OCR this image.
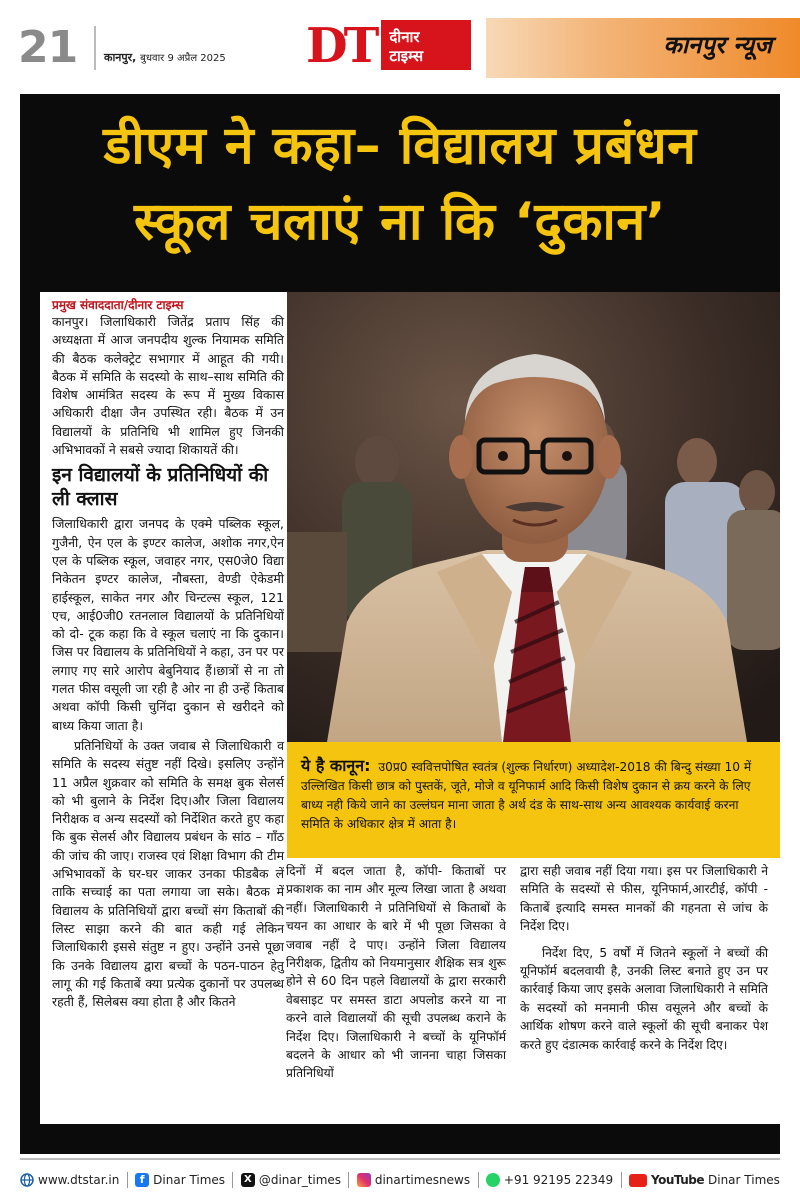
21 कानपुर, बुधवार 9 अप्रैल 2025 DT दीनार
टाइम्स	कानपुर न्यूज
डीएम ने कहा– विद्यालय प्रबंधन
स्कूल चलाएं ना कि ‘दुकान’
प्रमुख संवाददाता/दीनार टाइम्स

कानपुर। जिलाधिकारी जितेंद्र प्रताप सिंह की अध्यक्षता में आज जनपदीय शुल्क नियामक समिति की बैठक कलेक्ट्रेट सभागार में आहूत की गयी। बैठक में समिति के सदस्यो के साथ–साथ समिति की विशेष आमंत्रित सदस्य के रूप में मुख्य विकास अधिकारी दीक्षा जैन उपस्थित रही। बैठक में उन विद्यालयों के प्रतिनिधि भी शामिल हुए जिनकी अभिभावकों ने सबसे ज्यादा शिकायतें की।

इन विद्यालयों के प्रतिनिधियों की ली क्लास

जिलाधिकारी द्वारा जनपद के एक्मे पब्लिक स्कूल, गुजैनी, ऐन एल के इण्टर कालेज, अशोक नगर,ऐन एल के पब्लिक स्कूल, जवाहर नगर, एस0जे0 विद्या निकेतन इण्टर कालेज, नौबस्ता, वेण्डी ऐकेडमी हाईस्कूल, साकेत नगर और चिन्टल्स स्कूल, 121 एच, आई0जी0 रतनलाल विद्यालयों के प्रतिनिधियों को दो- टूक कहा कि वे स्कूल चलाएं ना कि दुकान। जिस पर विद्यालय के प्रतिनिधियों ने कहा, उन पर पर लगाए गए सारे आरोप बेबुनियाद हैं।छात्रों से ना तो गलत फीस वसूली जा रही है ओर ना ही उन्हें किताब अथवा कॉपी किसी चुनिंदा दुकान से खरीदने को बाध्य किया जाता है।

प्रतिनिधियों के उक्त जवाब से जिलाधिकारी व समिति के सदस्य संतुष्ट नहीं दिखे। इसलिए उन्होंने 11 अप्रैल शुक्रवार को समिति के समक्ष बुक सेलर्स को भी बुलाने के निर्देश दिए।और जिला विद्यालय निरीक्षक व अन्य सदस्यों को निर्देशित करते हुए कहा कि बुक सेलर्स और विद्यालय प्रबंधन के सांठ – गाँठ की जांच की जाए। राजस्व एवं शिक्षा विभाग की टीम अभिभावकों के घर-घर जाकर उनका फीडबैक लें ताकि सच्चाई का पता लगाया जा सके। बैठक में विद्यालय के प्रतिनिधियों द्वारा बच्चों संग किताबों की लिस्ट साझा करने की बात कही गई लेकिन जिलाधिकारी इससे संतुष्ट न हुए। उन्होंने उनसे पूछा कि उनके विद्यालय द्वारा बच्चों के पठन-पाठन हेतु लागू की गई किताबें क्या प्रत्येक दुकानों पर उपलब्ध रहती हैं, सिलेबस क्या होता है और कितने

ये है कानून: उ0प्र0 स्ववित्तपोषित स्वतंत्र (शुल्क निर्धारण) अध्यादेश-2018 की बिन्दु संख्या 10 में उल्लिखित किसी छात्र को पुस्तकें, जूते, मोजे व यूनिफार्म आदि किसी विशेष दुकान से क्रय करने के लिए बाध्य नही किये जाने का उल्लंघन माना जाता है अर्थ दंड के साथ-साथ अन्य आवश्यक कार्यवाई करना समिति के अधिकार क्षेत्र में आता है।

दिनों में बदल जाता है, कॉपी- किताबों पर प्रकाशक का नाम और मूल्य लिखा जाता है अथवा नहीं। जिलाधिकारी ने प्रतिनिधियों से किताबों के चयन का आधार के बारे में भी पूछा जिसका वे जवाब नहीं दे पाए। उन्होंने जिला विद्यालय निरीक्षक, द्वितीय को नियमानुसार शैक्षिक सत्र शुरू होने से 60 दिन पहले विद्यालयों के द्वारा सरकारी वेबसाइट पर समस्त डाटा अपलोड करने या ना करने वाले विद्यालयों की सूची उपलब्ध कराने के निर्देश दिए। जिलाधिकारी ने बच्चों के यूनिफॉर्म बदलने के आधार को भी जानना चाहा जिसका प्रतिनिधियों

द्वारा सही जवाब नहीं दिया गया। इस पर जिलाधिकारी ने समिति के सदस्यों से फीस, यूनिफार्म,आरटीई, कॉपी - किताबें इत्यादि समस्त मानकों की गहनता से जांच के निर्देश दिए।

निर्देश दिए, 5 वर्षों में जितने स्कूलों ने बच्चों की यूनिफॉर्म बदलवायी है, उनकी लिस्ट बनाते हुए उन पर कार्रवाई किया जाए इसके अलावा जिलाधिकारी ने समिति के सदस्यों को मनमानी फीस वसूलने और बच्चों के आर्थिक शोषण करने वाले स्कूलों की सूची बनाकर पेश करते हुए दंडात्मक कार्रवाई करने के निर्देश दिए।

www.dtstar.in	f Dinar Times	X @dinar_times	dinartimesnews	+91 92195 22349	YouTube Dinar Times
